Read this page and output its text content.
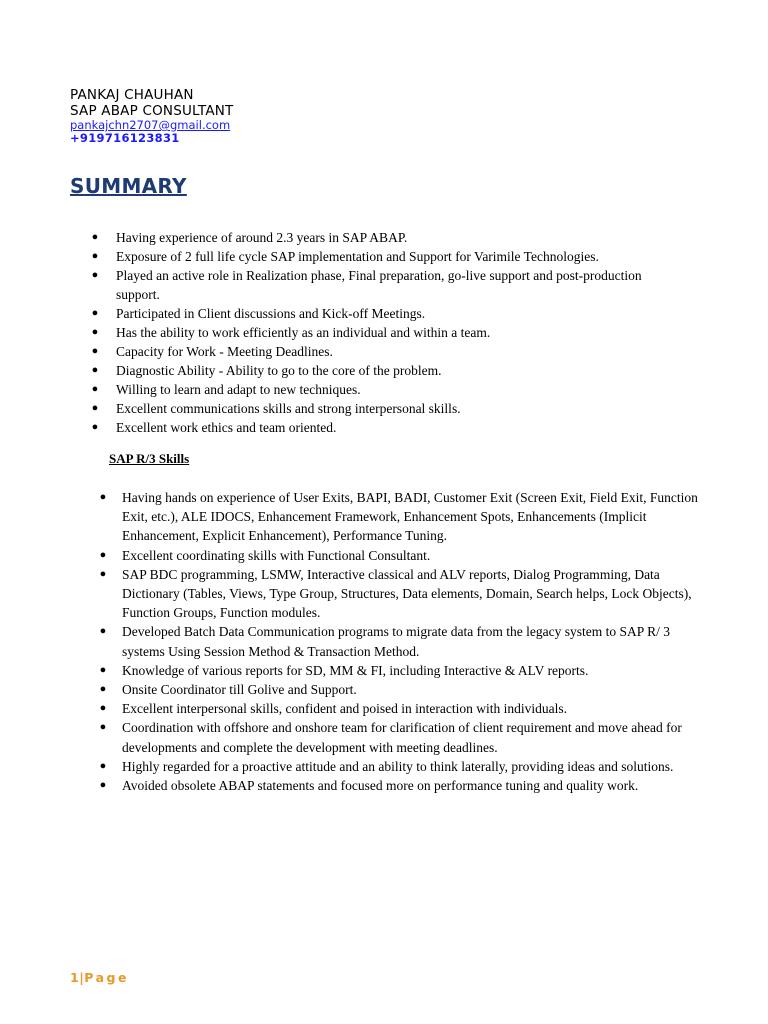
PANKAJ CHAUHAN
SAP ABAP CONSULTANT
pankajchn2707@gmail.com
+919716123831
SUMMARY
● Having experience of around 2.3 years in SAP ABAP.
● Exposure of 2 full life cycle SAP implementation and Support for Varimile Technologies.
● Played an active role in Realization phase, Final preparation, go-live support and post-production support.
● Participated in Client discussions and Kick-off Meetings.
● Has the ability to work efficiently as an individual and within a team.
● Capacity for Work - Meeting Deadlines.
● Diagnostic Ability - Ability to go to the core of the problem.
● Willing to learn and adapt to new techniques.
● Excellent communications skills and strong interpersonal skills.
● Excellent work ethics and team oriented.
SAP R/3 Skills
● Having hands on experience of User Exits, BAPI, BADI, Customer Exit (Screen Exit, Field Exit, Function Exit, etc.), ALE IDOCS, Enhancement Framework, Enhancement Spots, Enhancements (Implicit Enhancement, Explicit Enhancement), Performance Tuning.
● Excellent coordinating skills with Functional Consultant.
● SAP BDC programming, LSMW, Interactive classical and ALV reports, Dialog Programming, Data Dictionary (Tables, Views, Type Group, Structures, Data elements, Domain, Search helps, Lock Objects), Function Groups, Function modules.
● Developed Batch Data Communication programs to migrate data from the legacy system to SAP R/ 3 systems Using Session Method & Transaction Method.
● Knowledge of various reports for SD, MM & FI, including Interactive & ALV reports.
● Onsite Coordinator till Golive and Support.
● Excellent interpersonal skills, confident and poised in interaction with individuals.
● Coordination with offshore and onshore team for clarification of client requirement and move ahead for developments and complete the development with meeting deadlines.
● Highly regarded for a proactive attitude and an ability to think laterally, providing ideas and solutions.
● Avoided obsolete ABAP statements and focused more on performance tuning and quality work.
1|Page
